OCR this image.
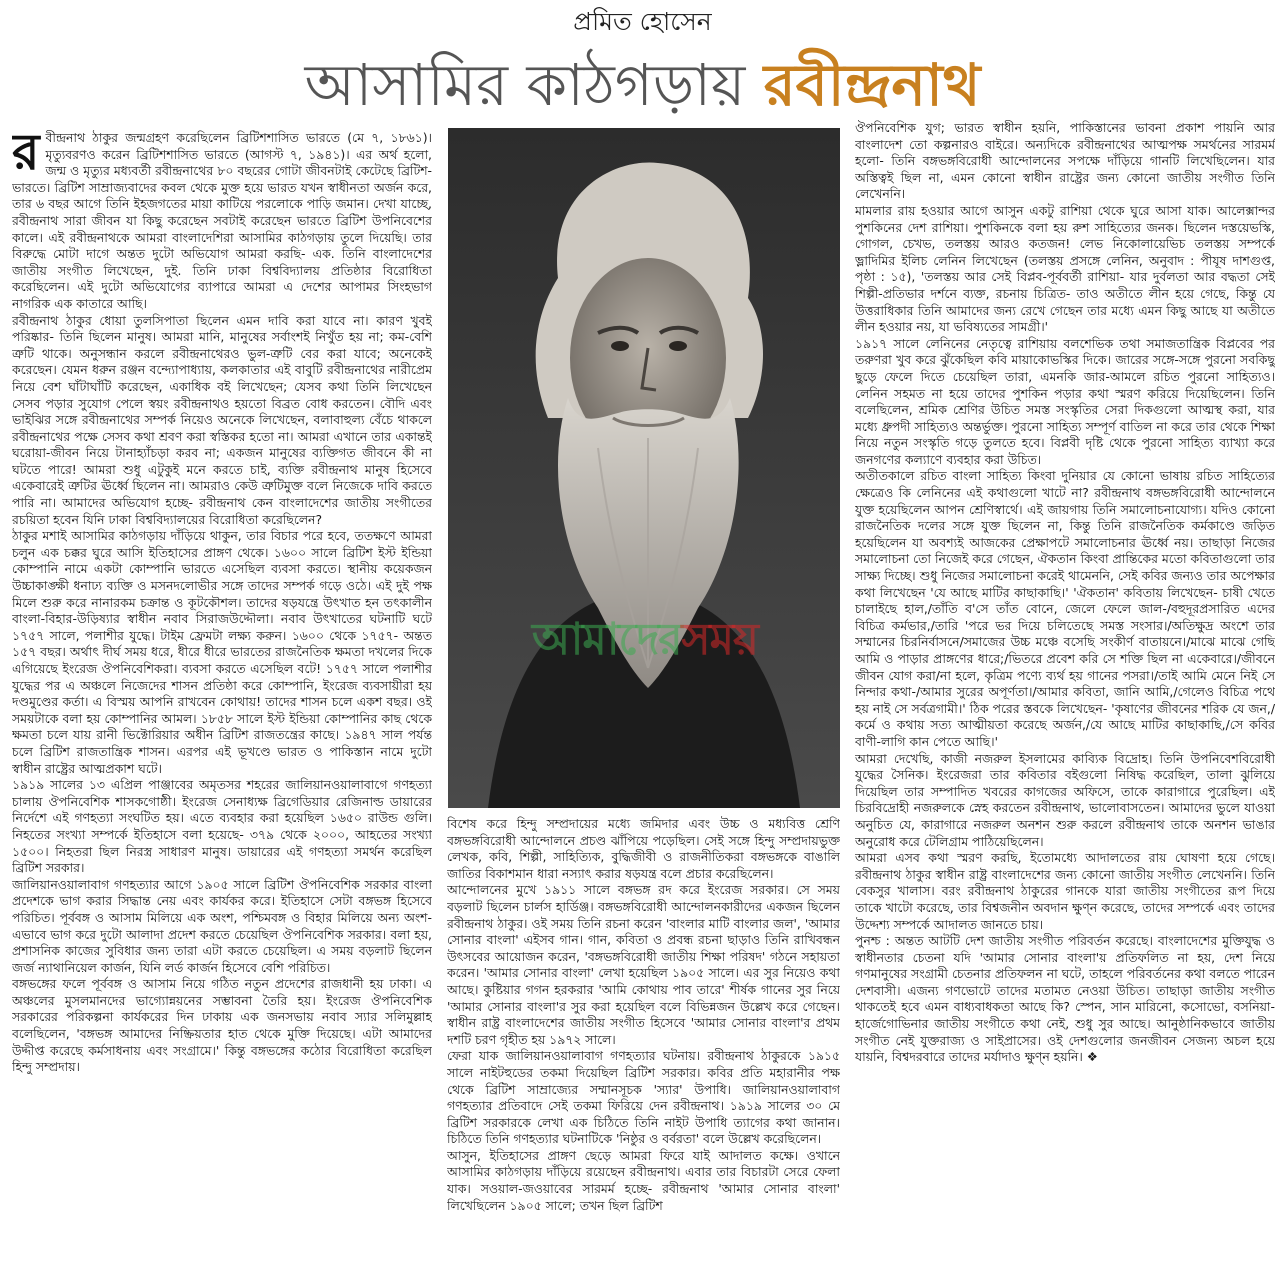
প্রমিত হোসেন
আসামির কাঠগড়ায় রবীন্দ্রনাথ
র বীন্দ্রনাথ ঠাকুর জন্মগ্রহণ করেছিলেন ব্রিটিশশাসিত ভারতে (মে ৭, ১৮৬১)। মৃত্যুবরণও করেন ব্রিটিশশাসিত ভারতে (আগস্ট ৭, ১৯৪১)। এর অর্থ হলো, জন্ম ও মৃত্যুর মধ্যবর্তী রবীন্দ্রনাথের ৮০ বছরের গোটা জীবনটাই কেটেছে ব্রিটিশ-ভারতে। ব্রিটিশ সাম্রাজ্যবাদের কবল থেকে মুক্ত হয়ে ভারত যখন স্বাধীনতা অর্জন করে, তার ৬ বছর আগে তিনি ইহজগতের মায়া কাটিয়ে পরলোকে পাড়ি জমান। দেখা যাচ্ছে, রবীন্দ্রনাথ সারা জীবন যা কিছু করেছেন সবটাই করেছেন ভারতে ব্রিটিশ উপনিবেশের কালে। এই রবীন্দ্রনাথকে আমরা বাংলাদেশিরা আসামির কাঠগড়ায় তুলে দিয়েছি। তার বিরুদ্ধে মোটা দাগে অন্তত দুটো অভিযোগ আমরা করছি- এক. তিনি বাংলাদেশের জাতীয় সংগীত লিখেছেন, দুই. তিনি ঢাকা বিশ্ববিদ্যালয় প্রতিষ্ঠার বিরোধিতা করেছিলেন। এই দুটো অভিযোগের ব্যাপারে আমরা এ দেশের আপামর সিংহভাগ নাগরিক এক কাতারে আছি।

রবীন্দ্রনাথ ঠাকুর ধোয়া তুলসিপাতা ছিলেন এমন দাবি করা যাবে না। কারণ খুবই পরিষ্কার- তিনি ছিলেন মানুষ। আমরা মানি, মানুষের সর্বাংশই নিখুঁত হয় না; কম-বেশি ত্রুটি থাকে। অনুসন্ধান করলে রবীন্দ্রনাথেরও ভুল-ত্রুটি বের করা যাবে; অনেকেই করেছেন। যেমন ধরুন রঞ্জন বন্দ্যোপাধ্যায়, কলকাতার এই বাবুটি রবীন্দ্রনাথের নারীপ্রেম নিয়ে বেশ ঘাঁটাঘাঁটি করেছেন, একাধিক বই লিখেছেন; যেসব কথা তিনি লিখেছেন সেসব পড়ার সুযোগ পেলে স্বয়ং রবীন্দ্রনাথও হয়তো বিব্রত বোধ করতেন। বৌদি এবং ভাইঝির সঙ্গে রবীন্দ্রনাথের সম্পর্ক নিয়েও অনেকে লিখেছেন, বলাবাহুল্য বেঁচে থাকলে রবীন্দ্রনাথের পক্ষে সেসব কথা শ্রবণ করা স্বস্তিকর হতো না। আমরা এখানে তার একান্তই ঘরোয়া-জীবন নিয়ে টানাহ্যাঁচড়া করব না; একজন মানুষের ব্যক্তিগত জীবনে কী না ঘটতে পারে! আমরা শুধু এটুকুই মনে করতে চাই, ব্যক্তি রবীন্দ্রনাথ মানুষ হিসেবে একেবারেই ত্রুটির ঊর্ধ্বে ছিলেন না। আমরাও কেউ ত্রুটিমুক্ত বলে নিজেকে দাবি করতে পারি না। আমাদের অভিযোগ হচ্ছে- রবীন্দ্রনাথ কেন বাংলাদেশের জাতীয় সংগীতের রচয়িতা হবেন যিনি ঢাকা বিশ্ববিদ্যালয়ের বিরোধিতা করেছিলেন?

ঠাকুর মশাই আসামির কাঠগড়ায় দাঁড়িয়ে থাকুন, তার বিচার পরে হবে, ততক্ষণে আমরা চলুন এক চক্কর ঘুরে আসি ইতিহাসের প্রাঙ্গণ থেকে। ১৬০০ সালে ব্রিটিশ ইস্ট ইন্ডিয়া কোম্পানি নামে একটা কোম্পানি ভারতে এসেছিল ব্যবসা করতে। স্থানীয় কয়েকজন উচ্চাকাঙ্ক্ষী ধনাঢ্য ব্যক্তি ও মসনদলোভীর সঙ্গে তাদের সম্পর্ক গড়ে ওঠে। এই দুই পক্ষ মিলে শুরু করে নানারকম চক্রান্ত ও কূটকৌশল। তাদের ষড়যন্ত্রে উৎখাত হন তৎকালীন বাংলা-বিহার-উড়িষ্যার স্বাধীন নবাব সিরাজউদ্দৌলা। নবাব উৎখাতের ঘটনাটি ঘটে ১৭৫৭ সালে, পলাশীর যুদ্ধে। টাইম ফ্রেমটা লক্ষ্য করুন। ১৬০০ থেকে ১৭৫৭- অন্তত ১৫৭ বছর। অর্থাৎ দীর্ঘ সময় ধরে, ধীরে ধীরে ভারতের রাজনৈতিক ক্ষমতা দখলের দিকে এগিয়েছে ইংরেজ ঔপনিবেশিকরা। ব্যবসা করতে এসেছিল বটে! ১৭৫৭ সালে পলাশীর যুদ্ধের পর এ অঞ্চলে নিজেদের শাসন প্রতিষ্ঠা করে কোম্পানি, ইংরেজ ব্যবসায়ীরা হয় দণ্ডমুণ্ডের কর্তা। এ বিস্ময় আপনি রাখবেন কোথায়! তাদের শাসন চলে একশ বছর। ওই সময়টাকে বলা হয় কোম্পানির আমল। ১৮৫৮ সালে ইস্ট ইন্ডিয়া কোম্পানির কাছ থেকে ক্ষমতা চলে যায় রানী ভিক্টোরিয়ার অধীন ব্রিটিশ রাজতন্ত্রের কাছে। ১৯৪৭ সাল পর্যন্ত চলে ব্রিটিশ রাজতান্ত্রিক শাসন। এরপর এই ভূখণ্ডে ভারত ও পাকিস্তান নামে দুটো স্বাধীন রাষ্ট্রের আত্মপ্রকাশ ঘটে।

১৯১৯ সালের ১৩ এপ্রিল পাঞ্জাবের অমৃতসর শহরের জালিয়ানওয়ালাবাগে গণহত্যা চালায় ঔপনিবেশিক শাসকগোষ্ঠী। ইংরেজ সেনাধ্যক্ষ ব্রিগেডিয়ার রেজিনাল্ড ডায়ারের নির্দেশে এই গণহত্যা সংঘটিত হয়। এতে ব্যবহার করা হয়েছিল ১৬৫০ রাউন্ড গুলি। নিহতের সংখ্যা সম্পর্কে ইতিহাসে বলা হয়েছে- ৩৭৯ থেকে ২০০০, আহতের সংখ্যা ১৫০০। নিহতরা ছিল নিরস্ত্র সাধারণ মানুষ। ডায়ারের এই গণহত্যা সমর্থন করেছিল ব্রিটিশ সরকার।

জালিয়ানওয়ালাবাগ গণহত্যার আগে ১৯০৫ সালে ব্রিটিশ ঔপনিবেশিক সরকার বাংলা প্রদেশকে ভাগ করার সিদ্ধান্ত নেয় এবং কার্যকর করে। ইতিহাসে সেটা বঙ্গভঙ্গ হিসেবে পরিচিত। পূর্ববঙ্গ ও আসাম মিলিয়ে এক অংশ, পশ্চিমবঙ্গ ও বিহার মিলিয়ে অন্য অংশ- এভাবে ভাগ করে দুটো আলাদা প্রদেশ করতে চেয়েছিল ঔপনিবেশিক সরকার। বলা হয়, প্রশাসনিক কাজের সুবিধার জন্য তারা এটা করতে চেয়েছিল। এ সময় বড়লাট ছিলেন জর্জ ন্যাথানিয়েল কার্জন, যিনি লর্ড কার্জন হিসেবে বেশি পরিচিত।

বঙ্গভঙ্গের ফলে পূর্ববঙ্গ ও আসাম নিয়ে গঠিত নতুন প্রদেশের রাজধানী হয় ঢাকা। এ অঞ্চলের মুসলমানদের ভাগ্যোন্নয়নের সম্ভাবনা তৈরি হয়। ইংরেজ ঔপনিবেশিক সরকারের পরিকল্পনা কার্যকরের দিন ঢাকায় এক জনসভায় নবাব স্যার সলিমুল্লাহ বলেছিলেন, 'বঙ্গভঙ্গ আমাদের নিষ্ক্রিয়তার হাত থেকে মুক্তি দিয়েছে। এটা আমাদের উদ্দীপ্ত করেছে কর্মসাধনায় এবং সংগ্রামে।' কিন্তু বঙ্গভঙ্গের কঠোর বিরোধিতা করেছিল হিন্দু সম্প্রদায়।

আমাদেরসময়

বিশেষ করে হিন্দু সম্প্রদায়ের মধ্যে জমিদার এবং উচ্চ ও মধ্যবিত্ত শ্রেণি বঙ্গভঙ্গবিরোধী আন্দোলনে প্রচণ্ড ঝাঁপিয়ে পড়েছিল। সেই সঙ্গে হিন্দু সম্প্রদায়ভুক্ত লেখক, কবি, শিল্পী, সাহিত্যিক, বুদ্ধিজীবী ও রাজনীতিকরা বঙ্গভঙ্গকে বাঙালি জাতির বিকাশমান ধারা নস্যাৎ করার ষড়যন্ত্র বলে প্রচার করেছিলেন।

আন্দোলনের মুখে ১৯১১ সালে বঙ্গভঙ্গ রদ করে ইংরেজ সরকার। সে সময় বড়লাট ছিলেন চার্লস হার্ডিঞ্জ। বঙ্গভঙ্গবিরোধী আন্দোলনকারীদের একজন ছিলেন রবীন্দ্রনাথ ঠাকুর। ওই সময় তিনি রচনা করেন 'বাংলার মাটি বাংলার জল', 'আমার সোনার বাংলা' এইসব গান। গান, কবিতা ও প্রবন্ধ রচনা ছাড়াও তিনি রাখিবন্ধন উৎসবের আয়োজন করেন, 'বঙ্গভঙ্গবিরোধী জাতীয় শিক্ষা পরিষদ' গঠনে সহায়তা করেন। 'আমার সোনার বাংলা' লেখা হয়েছিল ১৯০৫ সালে। এর সুর নিয়েও কথা আছে। কুষ্টিয়ার গগন হরকরার 'আমি কোথায় পাব তারে' শীর্ষক গানের সুর নিয়ে 'আমার সোনার বাংলা'র সুর করা হয়েছিল বলে বিভিন্নজন উল্লেখ করে গেছেন। স্বাধীন রাষ্ট্র বাংলাদেশের জাতীয় সংগীত হিসেবে 'আমার সোনার বাংলা'র প্রথম দশটি চরণ গৃহীত হয় ১৯৭২ সালে।

ফেরা যাক জালিয়ানওয়ালাবাগ গণহত্যার ঘটনায়। রবীন্দ্রনাথ ঠাকুরকে ১৯১৫ সালে নাইটহুডের তকমা দিয়েছিল ব্রিটিশ সরকার। কবির প্রতি মহারানীর পক্ষ থেকে ব্রিটিশ সাম্রাজ্যের সম্মানসূচক 'স্যার' উপাধি। জালিয়ানওয়ালাবাগ গণহত্যার প্রতিবাদে সেই তকমা ফিরিয়ে দেন রবীন্দ্রনাথ। ১৯১৯ সালের ৩০ মে ব্রিটিশ সরকারকে লেখা এক চিঠিতে তিনি নাইট উপাধি ত্যাগের কথা জানান। চিঠিতে তিনি গণহত্যার ঘটনাটিকে 'নিষ্ঠুর ও বর্বরতা' বলে উল্লেখ করেছিলেন।

আসুন, ইতিহাসের প্রাঙ্গণ ছেড়ে আমরা ফিরে যাই আদালত কক্ষে। ওখানে আসামির কাঠগড়ায় দাঁড়িয়ে রয়েছেন রবীন্দ্রনাথ। এবার তার বিচারটা সেরে ফেলা যাক। সওয়াল-জওয়াবের সারমর্ম হচ্ছে- রবীন্দ্রনাথ 'আমার সোনার বাংলা' লিখেছিলেন ১৯০৫ সালে; তখন ছিল ব্রিটিশ

ঔপনিবেশিক যুগ; ভারত স্বাধীন হয়নি, পাকিস্তানের ভাবনা প্রকাশ পায়নি আর বাংলাদেশ তো কল্পনারও বাইরে। অন্যদিকে রবীন্দ্রনাথের আত্মপক্ষ সমর্থনের সারমর্ম হলো- তিনি বঙ্গভঙ্গবিরোধী আন্দোলনের সপক্ষে দাঁড়িয়ে গানটি লিখেছিলেন। যার অস্তিত্বই ছিল না, এমন কোনো স্বাধীন রাষ্ট্রের জন্য কোনো জাতীয় সংগীত তিনি লেখেননি।

মামলার রায় হওয়ার আগে আসুন একটু রাশিয়া থেকে ঘুরে আসা যাক। আলেক্সান্দর পুশকিনের দেশ রাশিয়া। পুশকিনকে বলা হয় রুশ সাহিত্যের জনক। ছিলেন দস্তয়েভস্কি, গোগল, চেখভ, তলস্তয় আরও কতজন! লেভ নিকোলায়েভিচ তলস্তয় সম্পর্কে ভ্লাদিমির ইলিচ লেনিন লিখেছেন (তলস্তয় প্রসঙ্গে লেনিন, অনুবাদ : পীযূষ দাশগুপ্ত, পৃষ্ঠা : ১৫), 'তলস্তয় আর সেই বিপ্লব-পূর্ববর্তী রাশিয়া- যার দুর্বলতা আর বদ্ধতা সেই শিল্পী-প্রতিভার দর্শনে ব্যক্ত, রচনায় চিত্রিত- তাও অতীতে লীন হয়ে গেছে, কিন্তু যে উত্তরাধিকার তিনি আমাদের জন্য রেখে গেছেন তার মধ্যে এমন কিছু আছে যা অতীতে লীন হওয়ার নয়, যা ভবিষ্যতের সামগ্রী।'

১৯১৭ সালে লেনিনের নেতৃত্বে রাশিয়ায় বলশেভিক তথা সমাজতান্ত্রিক বিপ্লবের পর তরুণরা খুব করে ঝুঁকেছিল কবি মায়াকোভস্কির দিকে। জারের সঙ্গে-সঙ্গে পুরনো সবকিছু ছুড়ে ফেলে দিতে চেয়েছিল তারা, এমনকি জার-আমলে রচিত পুরনো সাহিত্যও। লেনিন সহমত না হয়ে তাদের পুশকিন পড়ার কথা স্মরণ করিয়ে দিয়েছিলেন। তিনি বলেছিলেন, শ্রমিক শ্রেণির উচিত সমস্ত সংস্কৃতির সেরা দিকগুলো আত্মস্থ করা, যার মধ্যে ধ্রুপদী সাহিত্যও অন্তর্ভুক্ত। পুরনো সাহিত্য সম্পূর্ণ বাতিল না করে তার থেকে শিক্ষা নিয়ে নতুন সংস্কৃতি গড়ে তুলতে হবে। বিপ্লবী দৃষ্টি থেকে পুরনো সাহিত্য ব্যাখ্যা করে জনগণের কল্যাণে ব্যবহার করা উচিত।

অতীতকালে রচিত বাংলা সাহিত্য কিংবা দুনিয়ার যে কোনো ভাষায় রচিত সাহিত্যের ক্ষেত্রেও কি লেনিনের এই কথাগুলো খাটে না? রবীন্দ্রনাথ বঙ্গভঙ্গবিরোধী আন্দোলনে যুক্ত হয়েছিলেন আপন শ্রেণিস্বার্থে। এই জায়গায় তিনি সমালোচনাযোগ্য। যদিও কোনো রাজনৈতিক দলের সঙ্গে যুক্ত ছিলেন না, কিন্তু তিনি রাজনৈতিক কর্মকাণ্ডে জড়িত হয়েছিলেন যা অবশ্যই আজকের প্রেক্ষাপটে সমালোচনার ঊর্ধ্বে নয়। তাছাড়া নিজের সমালোচনা তো নিজেই করে গেছেন, ঐকতান কিংবা প্রান্তিকের মতো কবিতাগুলো তার সাক্ষ্য দিচ্ছে। শুধু নিজের সমালোচনা করেই থামেননি, সেই কবির জন্যও তার অপেক্ষার কথা লিখেছেন 'যে আছে মাটির কাছাকাছি।' 'ঐকতান' কবিতায় লিখেছেন- চাষী খেতে চালাইছে হাল,/তাঁতি ব'সে তাঁত বোনে, জেলে ফেলে জাল-/বহুদূরপ্রসারিত এদের বিচিত্র কর্মভার,/তারি 'পরে ভর দিয়ে চলিতেছে সমস্ত সংসার।/অতিক্ষুদ্র অংশে তার সম্মানের চিরনির্বাসনে/সমাজের উচ্চ মঞ্চে বসেছি সংকীর্ণ বাতায়নে।/মাঝে মাঝে গেছি আমি ও পাড়ার প্রাঙ্গণের ধারে;/ভিতরে প্রবেশ করি সে শক্তি ছিল না একেবারে।/জীবনে জীবন যোগ করা/না হলে, কৃত্রিম পণ্যে ব্যর্থ হয় গানের পসরা।/তাই আমি মেনে নিই সে নিন্দার কথা-/আমার সুরের অপূর্ণতা।/আমার কবিতা, জানি আমি,/গেলেও বিচিত্র পথে হয় নাই সে সর্বত্রগামী।' ঠিক পরের স্তবকে লিখেছেন- 'কৃষাণের জীবনের শরিক যে জন,/কর্মে ও কথায় সত্য আত্মীয়তা করেছে অর্জন,/যে আছে মাটির কাছাকাছি,/সে কবির বাণী-লাগি কান পেতে আছি।'

আমরা দেখেছি, কাজী নজরুল ইসলামের কাব্যিক বিদ্রোহ। তিনি উপনিবেশবিরোধী যুদ্ধের সৈনিক। ইংরেজরা তার কবিতার বইগুলো নিষিদ্ধ করেছিল, তালা ঝুলিয়ে দিয়েছিল তার সম্পাদিত খবরের কাগজের অফিসে, তাকে কারাগারে পুরেছিল। এই চিরবিদ্রোহী নজরুলকে স্নেহ করতেন রবীন্দ্রনাথ, ভালোবাসতেন। আমাদের ভুলে যাওয়া অনুচিত যে, কারাগারে নজরুল অনশন শুরু করলে রবীন্দ্রনাথ তাকে অনশন ভাঙার অনুরোধ করে টেলিগ্রাম পাঠিয়েছিলেন।

আমরা এসব কথা স্মরণ করছি, ইতোমধ্যে আদালতের রায় ঘোষণা হয়ে গেছে। রবীন্দ্রনাথ ঠাকুর স্বাধীন রাষ্ট্র বাংলাদেশের জন্য কোনো জাতীয় সংগীত লেখেননি। তিনি বেকসুর খালাস। বরং রবীন্দ্রনাথ ঠাকুরের গানকে যারা জাতীয় সংগীতের রূপ দিয়ে তাকে খাটো করেছে, তার বিশ্বজনীন অবদান ক্ষুণ্ন করেছে, তাদের সম্পর্কে এবং তাদের উদ্দেশ্য সম্পর্কে আদালত জানতে চায়।

পুনশ্চ : অন্তত আটটি দেশ জাতীয় সংগীত পরিবর্তন করেছে। বাংলাদেশের মুক্তিযুদ্ধ ও স্বাধীনতার চেতনা যদি 'আমার সোনার বাংলা'য় প্রতিফলিত না হয়, দেশ নিয়ে গণমানুষের সংগ্রামী চেতনার প্রতিফলন না ঘটে, তাহলে পরিবর্তনের কথা বলতে পারেন দেশবাসী। এজন্য গণভোটে তাদের মতামত নেওয়া উচিত। তাছাড়া জাতীয় সংগীত থাকতেই হবে এমন বাধ্যবাধকতা আছে কি? স্পেন, সান মারিনো, কসোভো, বসনিয়া-হার্জেগোভিনার জাতীয় সংগীতে কথা নেই, শুধু সুর আছে। আনুষ্ঠানিকভাবে জাতীয় সংগীত নেই যুক্তরাজ্য ও সাইপ্রাসের। ওই দেশগুলোর জনজীবন সেজন্য অচল হয়ে যায়নি, বিশ্বদরবারে তাদের মর্যাদাও ক্ষুণ্ন হয়নি। ❖
